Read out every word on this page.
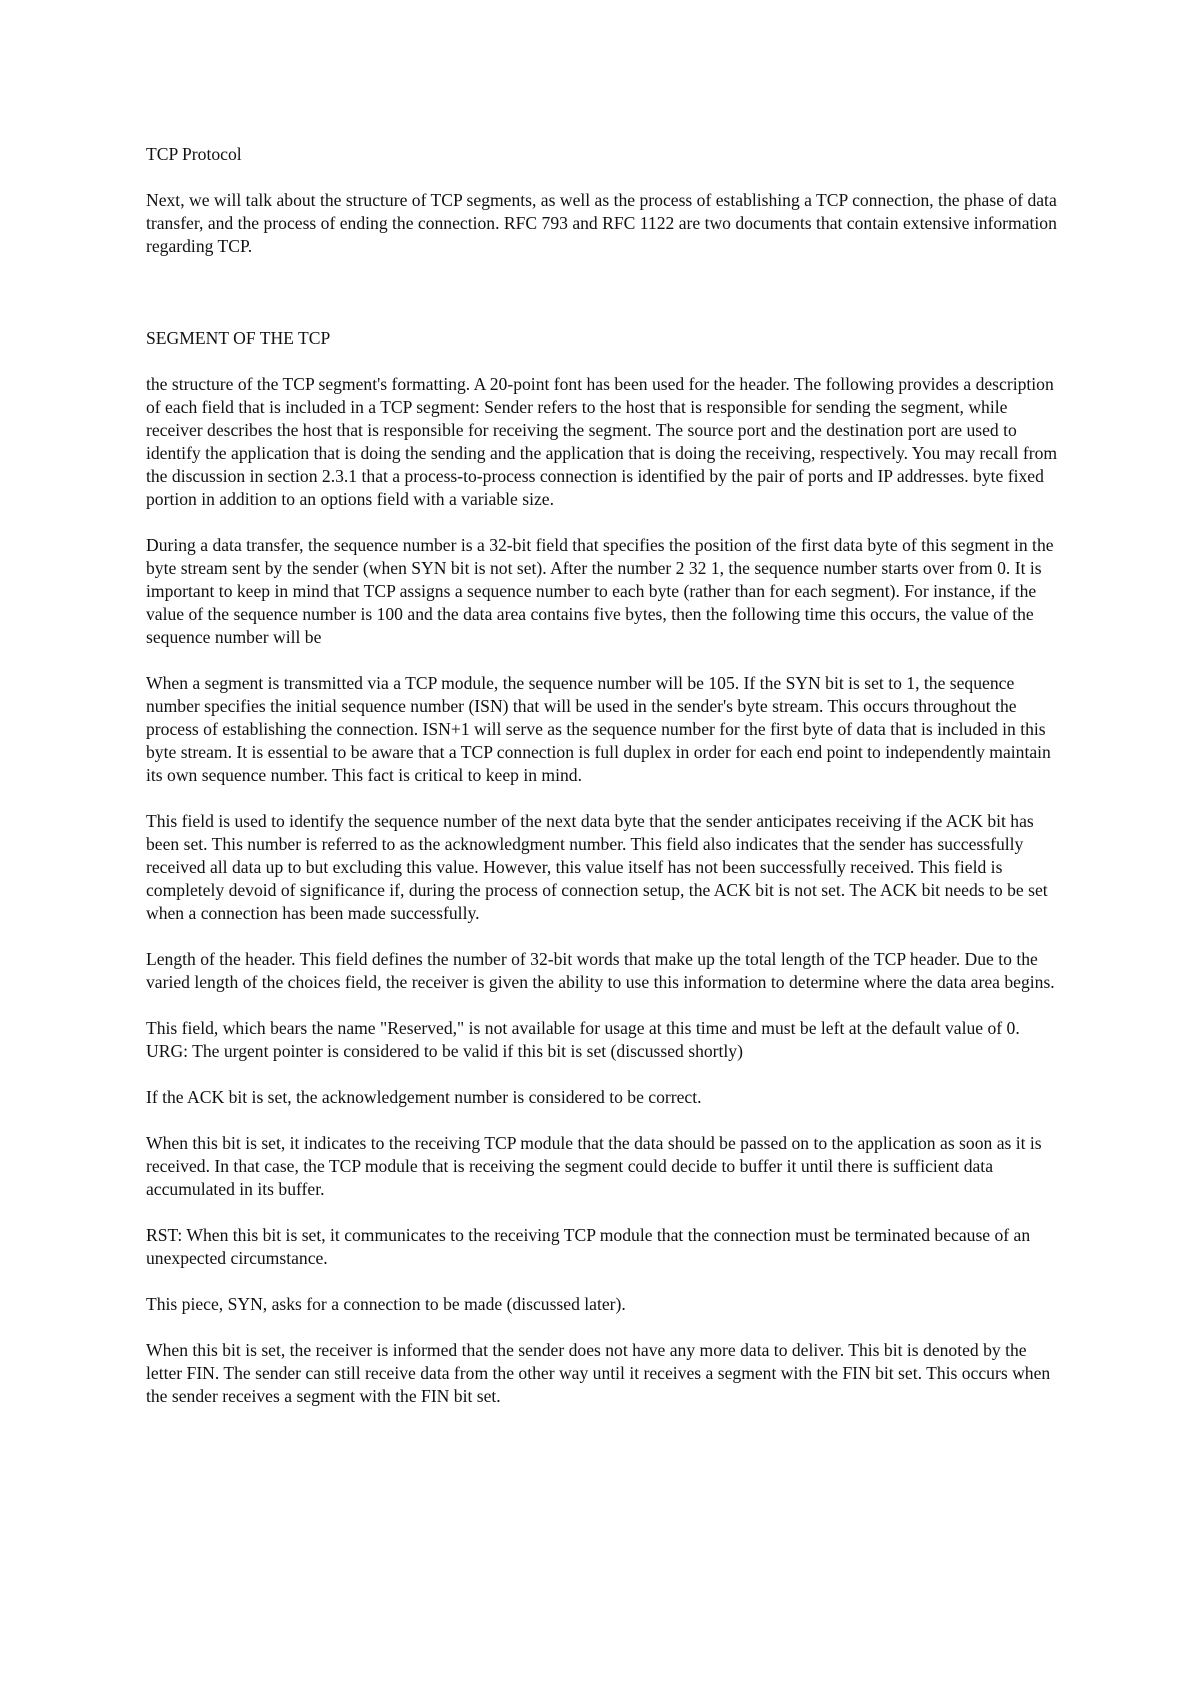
TCP Protocol

Next, we will talk about the structure of TCP segments, as well as the process of establishing a TCP connection, the phase of data transfer, and the process of ending the connection. RFC 793 and RFC 1122 are two documents that contain extensive information regarding TCP.

SEGMENT OF THE TCP

the structure of the TCP segment's formatting. A 20-point font has been used for the header. The following provides a description of each field that is included in a TCP segment: Sender refers to the host that is responsible for sending the segment, while receiver describes the host that is responsible for receiving the segment. The source port and the destination port are used to identify the application that is doing the sending and the application that is doing the receiving, respectively. You may recall from the discussion in section 2.3.1 that a process-to-process connection is identified by the pair of ports and IP addresses. byte fixed portion in addition to an options field with a variable size.

During a data transfer, the sequence number is a 32-bit field that specifies the position of the first data byte of this segment in the byte stream sent by the sender (when SYN bit is not set). After the number 2 32 1, the sequence number starts over from 0. It is important to keep in mind that TCP assigns a sequence number to each byte (rather than for each segment). For instance, if the value of the sequence number is 100 and the data area contains five bytes, then the following time this occurs, the value of the sequence number will be

When a segment is transmitted via a TCP module, the sequence number will be 105. If the SYN bit is set to 1, the sequence number specifies the initial sequence number (ISN) that will be used in the sender's byte stream. This occurs throughout the process of establishing the connection. ISN+1 will serve as the sequence number for the first byte of data that is included in this byte stream. It is essential to be aware that a TCP connection is full duplex in order for each end point to independently maintain its own sequence number. This fact is critical to keep in mind.

This field is used to identify the sequence number of the next data byte that the sender anticipates receiving if the ACK bit has been set. This number is referred to as the acknowledgment number. This field also indicates that the sender has successfully received all data up to but excluding this value. However, this value itself has not been successfully received. This field is completely devoid of significance if, during the process of connection setup, the ACK bit is not set. The ACK bit needs to be set when a connection has been made successfully.

Length of the header. This field defines the number of 32-bit words that make up the total length of the TCP header. Due to the varied length of the choices field, the receiver is given the ability to use this information to determine where the data area begins.

This field, which bears the name "Reserved," is not available for usage at this time and must be left at the default value of 0. URG: The urgent pointer is considered to be valid if this bit is set (discussed shortly)

If the ACK bit is set, the acknowledgement number is considered to be correct.

When this bit is set, it indicates to the receiving TCP module that the data should be passed on to the application as soon as it is received. In that case, the TCP module that is receiving the segment could decide to buffer it until there is sufficient data accumulated in its buffer.

RST: When this bit is set, it communicates to the receiving TCP module that the connection must be terminated because of an unexpected circumstance.

This piece, SYN, asks for a connection to be made (discussed later).

When this bit is set, the receiver is informed that the sender does not have any more data to deliver. This bit is denoted by the letter FIN. The sender can still receive data from the other way until it receives a segment with the FIN bit set. This occurs when the sender receives a segment with the FIN bit set.
